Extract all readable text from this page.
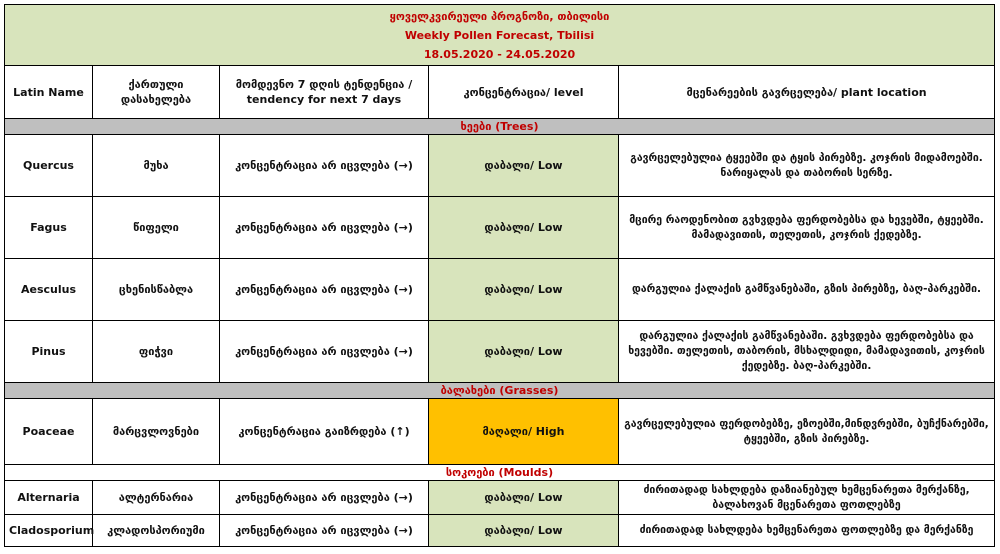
ყოველკვირეული პროგნოზი, თბილისი
Weekly Pollen Forecast, Tbilisi
18.05.2020 - 24.05.2020				

Latin Name	ქართული დასახელება	მომდევნო 7 დღის ტენდენცია / tendency for next 7 days	კონცენტრაცია/ level	მცენარეების გავრცელება/ plant location
ხეები (Trees)				
Quercus	მუხა	კონცენტრაცია არ იცვლება (→)	დაბალი/ Low	გავრცელებულია ტყეებში და ტყის პირებზე. კოჯრის მიდამოებში. ნარიყალას და თაბორის სერზე.
Fagus	წიფელი	კონცენტრაცია არ იცვლება (→)	დაბალი/ Low	მცირე რაოდენობით გვხვდება ფერდობებსა და ხევებში, ტყეებში. მამადავითის, თელეთის, კოჯრის ქედებზე.
Aesculus	ცხენისწაბლა	კონცენტრაცია არ იცვლება (→)	დაბალი/ Low	დარგულია ქალაქის გამწვანებაში, გზის პირებზე, ბაღ-პარკებში.
Pinus	ფიჭვი	კონცენტრაცია არ იცვლება (→)	დაბალი/ Low	დარგულია ქალაქის გამწვანებაში. გვხვდება ფერდობებსა და ხევებში. თელეთის, თაბორის, მსხალდიდი, მამადავითის, კოჯრის ქედებზე. ბაღ-პარკებში.
ბალახები (Grasses)				
Poaceae	მარცვლოვნები	კონცენტრაცია გაიზრდება (↑)	მაღალი/ High	გავრცელებულია ფერდობებზე, ეზოებში,მინდვრებში, ბუჩქნარებში, ტყეებში, გზის პირებზე.
სოკოები (Moulds)				
Alternaria	ალტერნარია	კონცენტრაცია არ იცვლება (→)	დაბალი/ Low	ძირითადად სახლდება დაზიანებულ ხემცენარეთა მერქანზე, ბალახოვან მცენარეთა ფოთლებზე
Cladosporium	კლადოსპორიუმი	კონცენტრაცია არ იცვლება (→)	დაბალი/ Low	ძირითადად სახლდება ხემცენარეთა ფოთლებზე და მერქანზე
